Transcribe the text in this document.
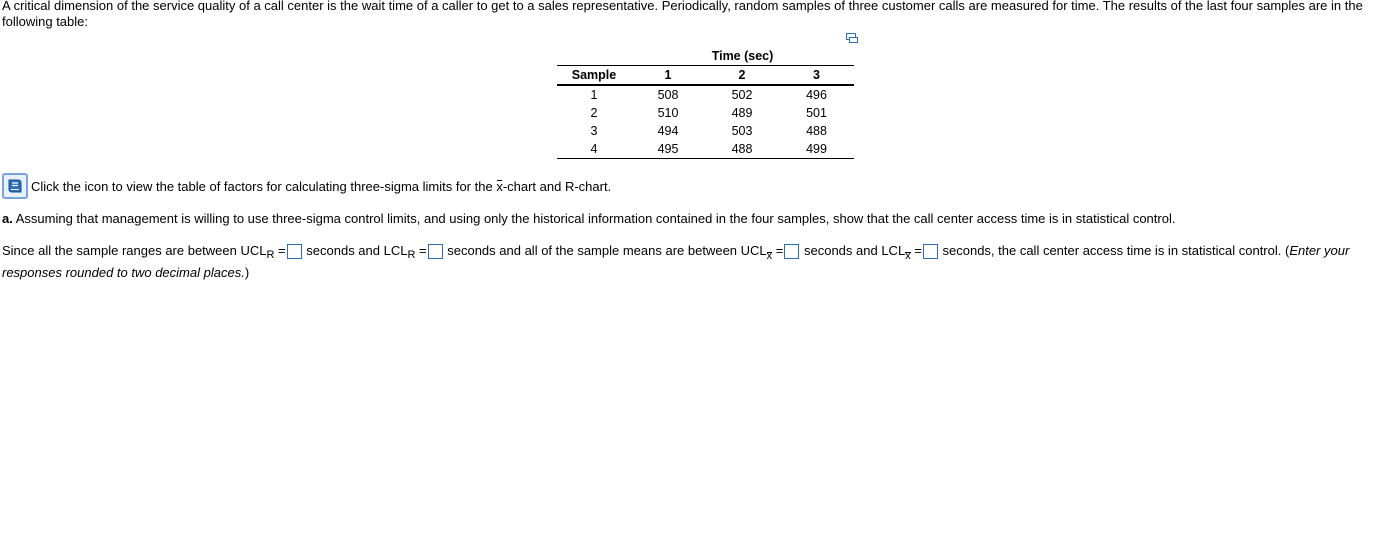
A critical dimension of the service quality of a call center is the wait time of a caller to get to a sales representative. Periodically, random samples of three customer calls are measured for time. The results of the last four samples are in the following table:
	Time (sec)		
Sample	1	2	3
1	508	502	496
2	510	489	501
3	494	503	488
4	495	488	499
Click the icon to view the table of factors for calculating three-sigma limits for the x-chart and R-chart.
a. Assuming that management is willing to use three-sigma control limits, and using only the historical information contained in the four samples, show that the call center access time is in statistical control.
Since all the sample ranges are between $UCL_R$ = seconds and $LCL_R$ = seconds and all of the sample means are between UCLx = seconds and LCLx = seconds, the call center access time is in statistical control. (Enter your responses rounded to two decimal places.)
